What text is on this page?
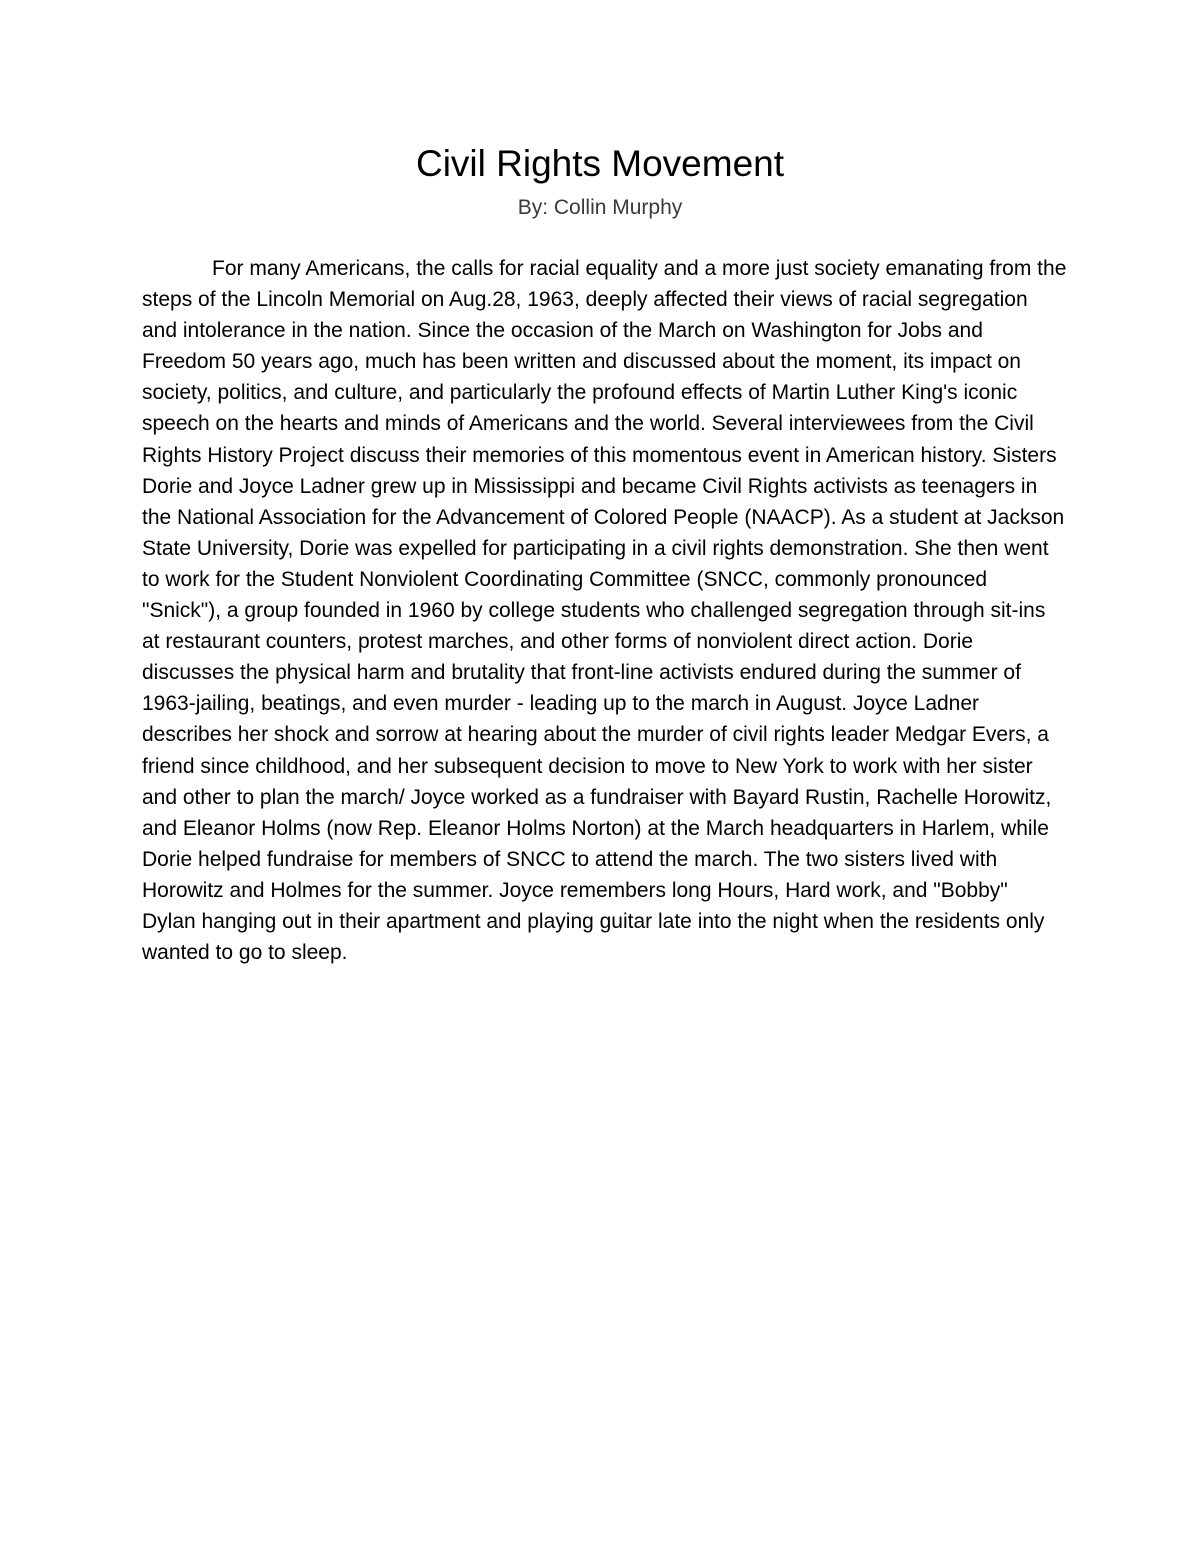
Civil Rights Movement
By: Collin Murphy

For many Americans, the calls for racial equality and a more just society emanating from the steps of the Lincoln Memorial on Aug.28, 1963, deeply affected their views of racial segregation and intolerance in the nation. Since the occasion of the March on Washington for Jobs and Freedom 50 years ago, much has been written and discussed about the moment, its impact on society, politics, and culture, and particularly the profound effects of Martin Luther King's iconic speech on the hearts and minds of Americans and the world. Several interviewees from the Civil Rights History Project discuss their memories of this momentous event in American history. Sisters Dorie and Joyce Ladner grew up in Mississippi and became Civil Rights activists as teenagers in the National Association for the Advancement of Colored People (NAACP). As a student at Jackson State University, Dorie was expelled for participating in a civil rights demonstration. She then went to work for the Student Nonviolent Coordinating Committee (SNCC, commonly pronounced "Snick"), a group founded in 1960 by college students who challenged segregation through sit-ins at restaurant counters, protest marches, and other forms of nonviolent direct action. Dorie discusses the physical harm and brutality that front-line activists endured during the summer of 1963-jailing, beatings, and even murder - leading up to the march in August. Joyce Ladner describes her shock and sorrow at hearing about the murder of civil rights leader Medgar Evers, a friend since childhood, and her subsequent decision to move to New York to work with her sister and other to plan the march/ Joyce worked as a fundraiser with Bayard Rustin, Rachelle Horowitz, and Eleanor Holms (now Rep. Eleanor Holms Norton) at the March headquarters in Harlem, while Dorie helped fundraise for members of SNCC to attend the march. The two sisters lived with Horowitz and Holmes for the summer. Joyce remembers long Hours, Hard work, and "Bobby" Dylan hanging out in their apartment and playing guitar late into the night when the residents only wanted to go to sleep.
